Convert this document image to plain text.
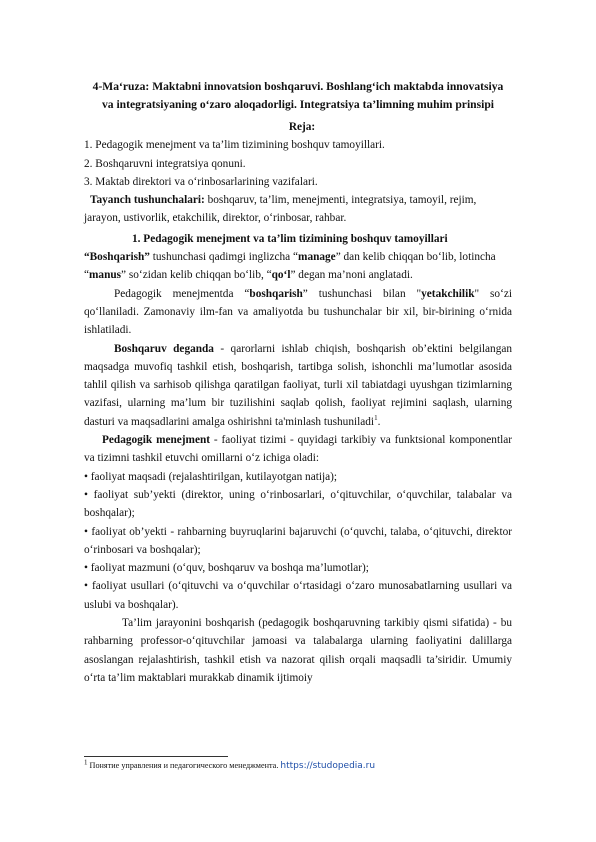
4-Ma‘ruza: Maktabni innovatsion boshqaruvi. Boshlang‘ich maktabda innovatsiya va integratsiyaning o‘zaro aloqadorligi. Integratsiya ta’limning muhim prinsipi
Reja:

1. Pedagogik menejment va ta’lim tizimining boshquv tamoyillari.

2. Boshqaruvni integratsiya qonuni.

3. Maktab direktori va o‘rinbosarlarining vazifalari.

Tayanch tushunchalari: boshqaruv, ta’lim, menejmenti, integratsiya, tamoyil, rejim, jarayon, ustivorlik, etakchilik, direktor, o‘rinbosar, rahbar.

1. Pedagogik menejment va ta’lim tizimining boshquv tamoyillari

“Boshqarish” tushunchasi qadimgi inglizcha “manage” dan kelib chiqqan bo‘lib, lotincha “manus” so‘zidan kelib chiqqan bo‘lib, “qo‘l” degan ma’noni anglatadi.

Pedagogik menejmentda “boshqarish” tushunchasi bilan "yetakchilik" so‘zi qo‘llaniladi. Zamonaviy ilm-fan va amaliyotda bu tushunchalar bir xil, bir-birining o‘rnida ishlatiladi.

Boshqaruv deganda - qarorlarni ishlab chiqish, boshqarish ob’ektini belgilangan maqsadga muvofiq tashkil etish, boshqarish, tartibga solish, ishonchli ma’lumotlar asosida tahlil qilish va sarhisob qilishga qaratilgan faoliyat, turli xil tabiatdagi uyushgan tizimlarning vazifasi, ularning ma’lum bir tuzilishini saqlab qolish, faoliyat rejimini saqlash, ularning dasturi va maqsadlarini amalga oshirishni ta'minlash tushuniladi$^1$.

Pedagogik menejment - faoliyat tizimi - quyidagi tarkibiy va funktsional komponentlar va tizimni tashkil etuvchi omillarni o‘z ichiga oladi:

• faoliyat maqsadi (rejalashtirilgan, kutilayotgan natija);

• faoliyat sub’yekti (direktor, uning o‘rinbosarlari, o‘qituvchilar, o‘quvchilar, talabalar va boshqalar);

• faoliyat ob’yekti - rahbarning buyruqlarini bajaruvchi (o‘quvchi, talaba, o‘qituvchi, direktor o‘rinbosari va boshqalar);

• faoliyat mazmuni (o‘quv, boshqaruv va boshqa ma’lumotlar);

• faoliyat usullari (o‘qituvchi va o‘quvchilar o‘rtasidagi o‘zaro munosabatlarning usullari va uslubi va boshqalar).

Ta’lim jarayonini boshqarish (pedagogik boshqaruvning tarkibiy qismi sifatida) - bu rahbarning professor-o‘qituvchilar jamoasi va talabalarga ularning faoliyatini dalillarga asoslangan rejalashtirish, tashkil etish va nazorat qilish orqali maqsadli ta’siridir. Umumiy o‘rta ta’lim maktablari murakkab dinamik ijtimoiy

$^1$ Понятие управления и педагогического менеджмента. https://studopedia.ru
